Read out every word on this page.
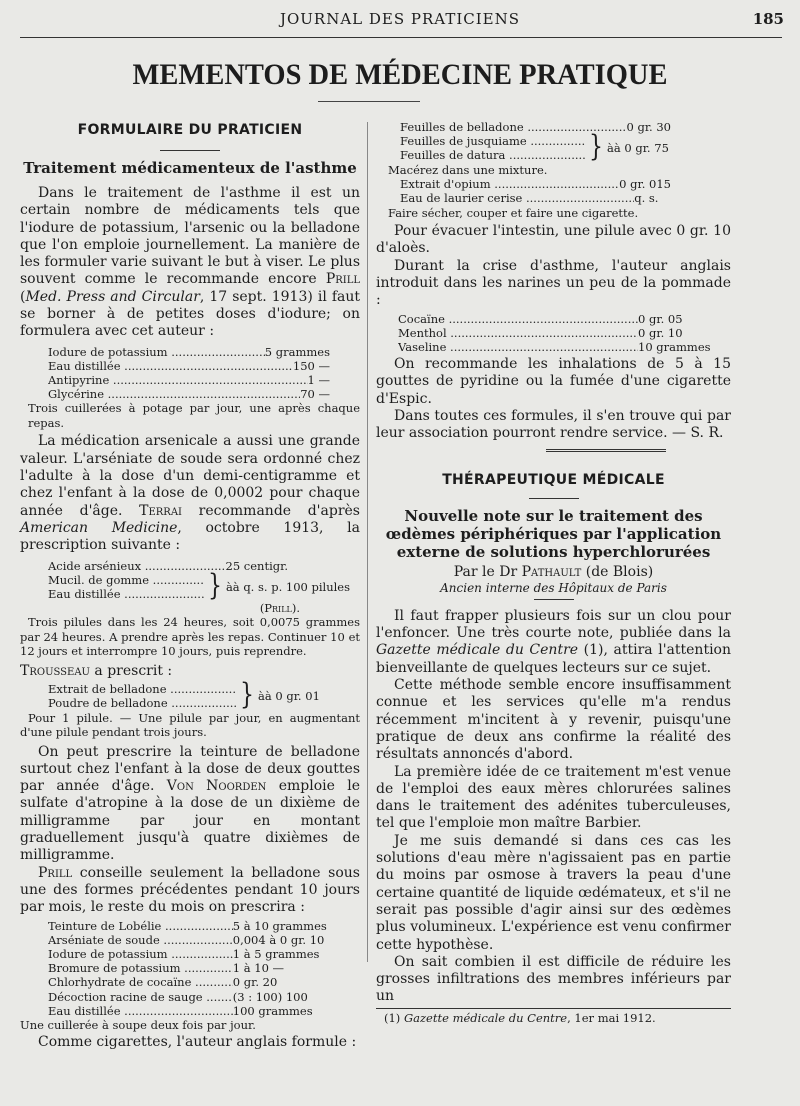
JOURNAL DES PRATICIENS	185
MEMENTOS DE MÉDECINE PRATIQUE
FORMULAIRE DU PRATICIEN
Traitement médicamenteux de l'asthme

Dans le traitement de l'asthme il est un certain nombre de médicaments tels que l'iodure de potassium, l'arsenic ou la belladone que l'on emploie journellement. La manière de les formuler varie suivant le but à viser. Le plus souvent comme le recommande encore Prill (Med. Press and Circular, 17 sept. 1913) il faut se borner à de petites doses d'iodure; on formulera avec cet auteur :

Iodure de potassium .....	5 grammes
Eau distillée .....	150 —
Antipyrine .....	1 —
Glycérine .....	70 —

Trois cuillerées à potage par jour, une après chaque repas.

La médication arsenicale a aussi une grande valeur. L'arséniate de soude sera ordonné chez l'adulte à la dose d'un demi-centigramme et chez l'enfant à la dose de 0,0002 pour chaque année d'âge. Terrai recommande d'après American Medicine, octobre 1913, la prescription suivante :

Acide arsénieux .....	25 centigr.
Mucil. de gomme .....
Eau distillée .....	} àà q. s. p. 100 pilules
(Prill).

Trois pilules dans les 24 heures, soit 0,0075 grammes par 24 heures. A prendre après les repas. Continuer 10 et 12 jours et interrompre 10 jours, puis reprendre.

Trousseau a prescrit :

Extrait de belladone .....
Poudre de belladone .....	} àà 0 gr. 01

Pour 1 pilule. — Une pilule par jour, en augmentant d'une pilule pendant trois jours.

On peut prescrire la teinture de belladone surtout chez l'enfant à la dose de deux gouttes par année d'âge. Von Noorden emploie le sulfate d'atropine à la dose de un dixième de milligramme par jour en montant graduellement jusqu'à quatre dixièmes de milligramme.

Prill conseille seulement la belladone sous une des formes précédentes pendant 10 jours par mois, le reste du mois on prescrira :

Teinture de Lobélie .....	5 à 10 grammes
Arséniate de soude .....	0,004 à 0 gr. 10
Iodure de potassium .....	1 à 5 grammes
Bromure de potassium .....	1 à 10 —
Chlorhydrate de cocaïne .....	0 gr. 20
Décoction racine de sauge .....	(3 : 100) 100
Eau distillée .....	100 grammes

Une cuillerée à soupe deux fois par jour.

Comme cigarettes, l'auteur anglais formule :

Feuilles de belladone .....	0 gr. 30
Feuilles de jusquiame .....
Feuilles de datura .....	} àà 0 gr. 75

Macérez dans une mixture.

Extrait d'opium .....	0 gr. 015
Eau de laurier cerise .....	q. s.

Faire sécher, couper et faire une cigarette.

Pour évacuer l'intestin, une pilule avec 0 gr. 10 d'aloès.

Durant la crise d'asthme, l'auteur anglais introduit dans les narines un peu de la pommade :

Cocaïne .....	0 gr. 05
Menthol .....	0 gr. 10
Vaseline .....	10 grammes

On recommande les inhalations de 5 à 15 gouttes de pyridine ou la fumée d'une cigarette d'Espic.

Dans toutes ces formules, il s'en trouve qui par leur association pourront rendre service. — S. R.

THÉRAPEUTIQUE MÉDICALE
Nouvelle note sur le traitement des œdèmes périphériques par l'application externe de solutions hyperchlorurées

Par le Dr Pathault (de Blois)

Ancien interne des Hôpitaux de Paris

Il faut frapper plusieurs fois sur un clou pour l'enfoncer. Une très courte note, publiée dans la Gazette médicale du Centre (1), attira l'attention bienveillante de quelques lecteurs sur ce sujet.

Cette méthode semble encore insuffisamment connue et les services qu'elle m'a rendus récemment m'incitent à y revenir, puisqu'une pratique de deux ans confirme la réalité des résultats annoncés d'abord.

La première idée de ce traitement m'est venue de l'emploi des eaux mères chlorurées salines dans le traitement des adénites tuberculeuses, tel que l'emploie mon maître Barbier.

Je me suis demandé si dans ces cas les solutions d'eau mère n'agissaient pas en partie du moins par osmose à travers la peau d'une certaine quantité de liquide œdémateux, et s'il ne serait pas possible d'agir ainsi sur des œdèmes plus volumineux. L'expérience est venu confirmer cette hypothèse.

On sait combien il est difficile de réduire les grosses infiltrations des membres inférieurs par un

(1) Gazette médicale du Centre, 1er mai 1912.
